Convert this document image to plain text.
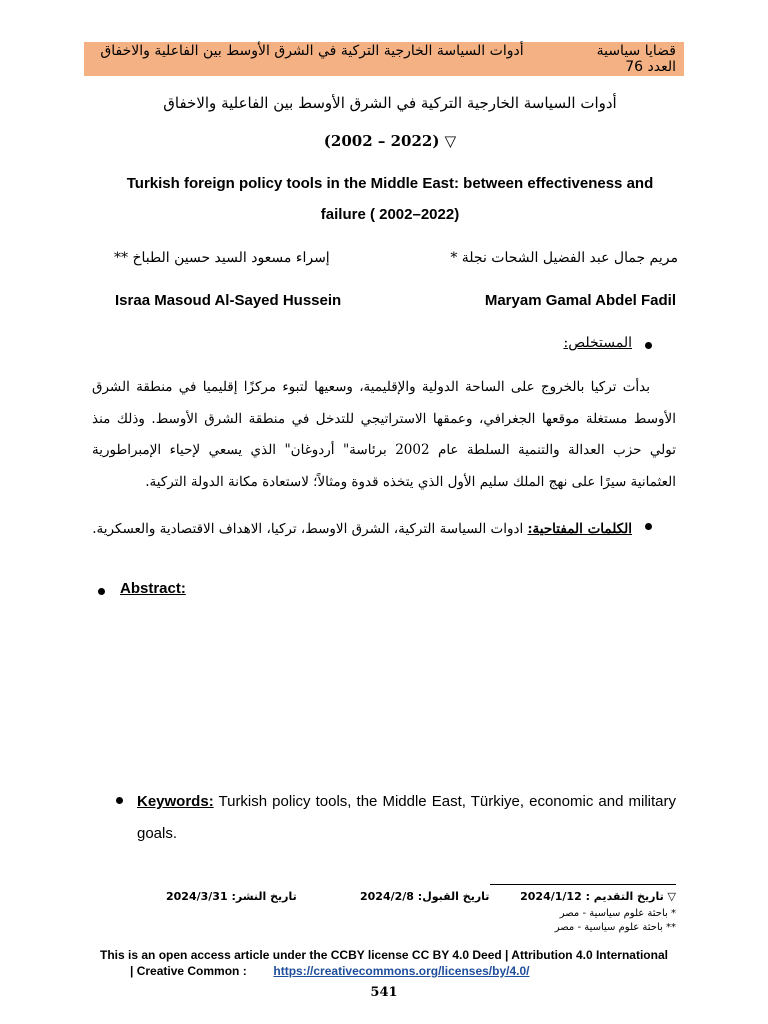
قضايا سياسية
العدد 76
أدوات السياسة الخارجية التركية في الشرق الأوسط بين الفاعلية والاخفاق
أدوات السياسة الخارجية التركية في الشرق الأوسط بين الفاعلية والاخفاق
(2002 – 2022) ▽
Turkish foreign policy tools in the Middle East: between effectiveness and
failure ( 2002–2022)
مريم جمال عبد الفضيل الشحات نجلة *
إسراء مسعود السيد حسين الطباخ **
Maryam Gamal Abdel Fadil
Israa Masoud Al-Sayed Hussein
المستخلص:

بدأت تركيا بالخروج على الساحة الدولية والإقليمية، وسعيها لتبوء مركزًا إقليميا في منطقة الشرق الأوسط مستغلة موقعها الجغرافي، وعمقها الاستراتيجي للتدخل في منطقة الشرق الأوسط. وذلك منذ تولي حزب العدالة والتنمية السلطة عام 2002 برئاسة" أردوغان" الذي يسعي لإحياء الإمبراطورية العثمانية سيرًا على نهج الملك سليم الأول الذي يتخذه قدوة ومثالاً؛ لاستعادة مكانة الدولة التركية.

الكلمات المفتاحية: ادوات السياسة التركية، الشرق الاوسط، تركيا، الاهداف الاقتصادية والعسكرية.
Abstract:
Keywords: Turkish policy tools, the Middle East, Türkiye, economic and military goals.
▽ تاريخ التقديم : 2024/1/12
تاريخ القبول: 2024/2/8
تاريخ النشر: 2024/3/31
* باحثة علوم سياسية - مصر
** باحثة علوم سياسية - مصر
This is an open access article under the CCBY license CC BY 4.0 Deed | Attribution 4.0 International
| Creative Common :        https://creativecommons.org/licenses/by/4.0/
541
